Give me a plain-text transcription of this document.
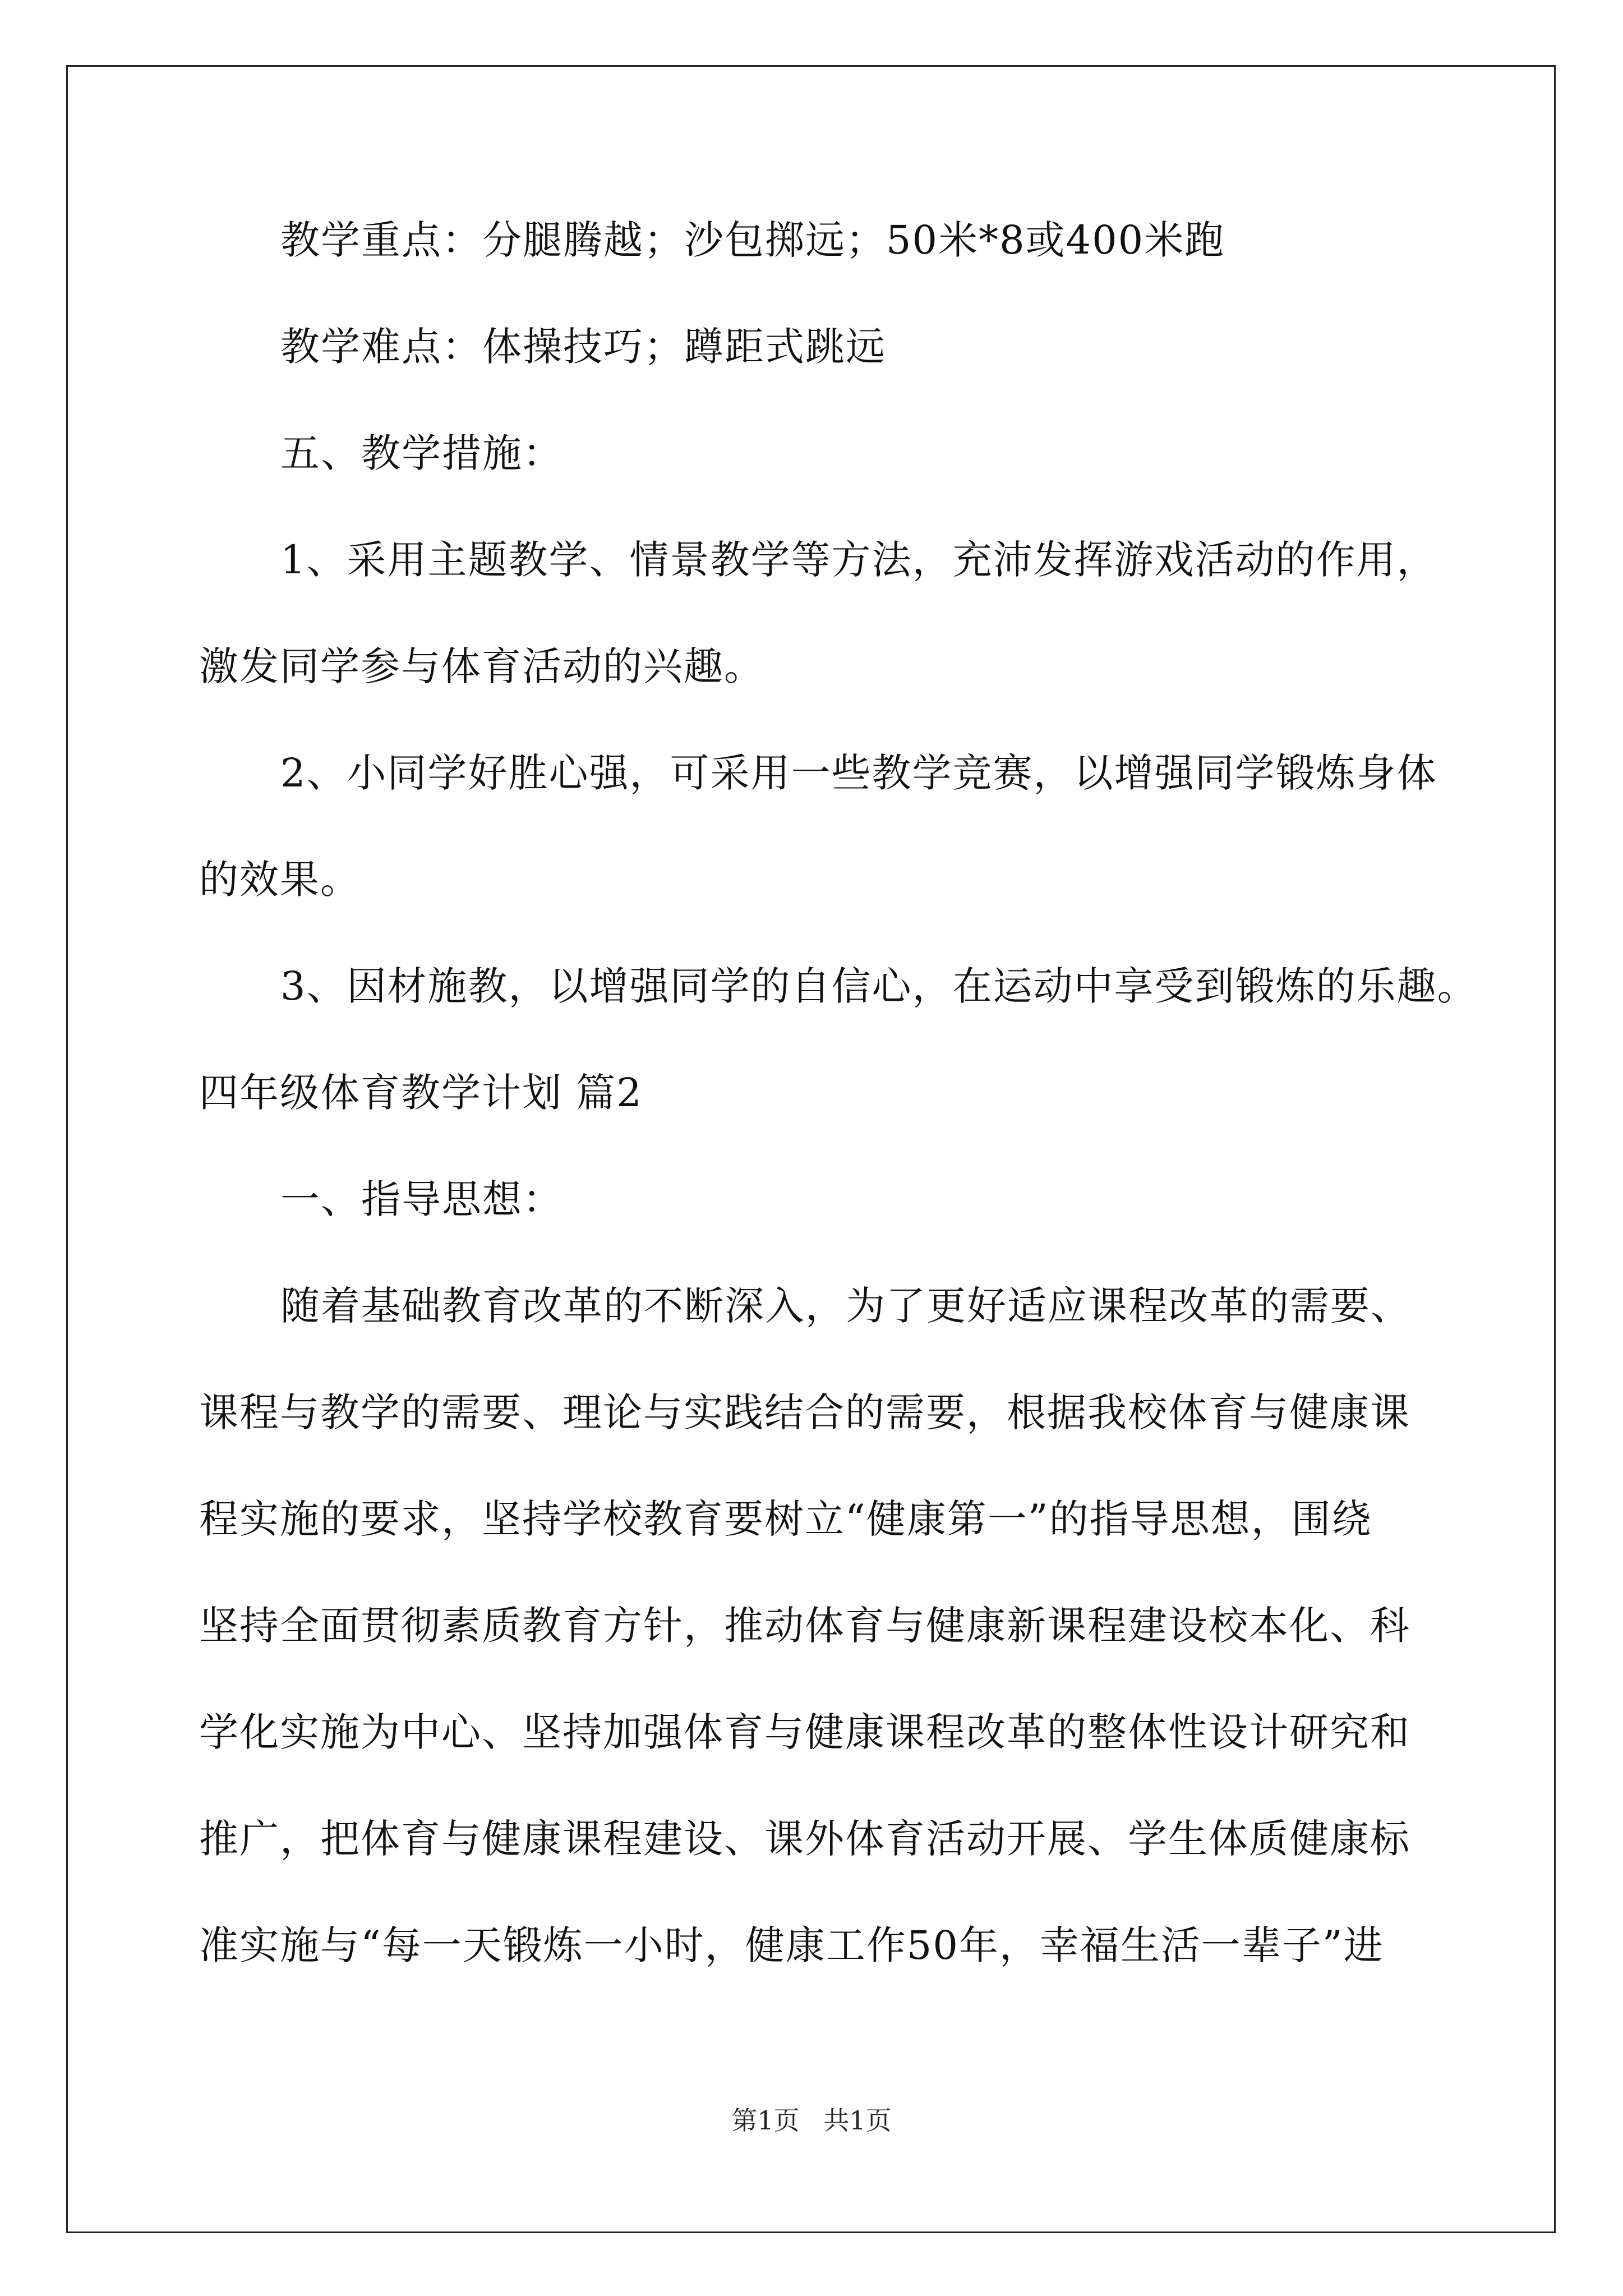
教学重点：分腿腾越；沙包掷远；50米*8或400米跑

教学难点：体操技巧；蹲距式跳远

五、教学措施：

1、采用主题教学、情景教学等方法，充沛发挥游戏活动的作用，

激发同学参与体育活动的兴趣。

2、小同学好胜心强，可采用一些教学竞赛，以增强同学锻炼身体

的效果。

3、因材施教，以增强同学的自信心，在运动中享受到锻炼的乐趣。

四年级体育教学计划 篇2

一、指导思想：

随着基础教育改革的不断深入，为了更好适应课程改革的需要、

课程与教学的需要、理论与实践结合的需要，根据我校体育与健康课

程实施的要求，坚持学校教育要树立“健康第一”的指导思想，围绕

坚持全面贯彻素质教育方针，推动体育与健康新课程建设校本化、科

学化实施为中心、坚持加强体育与健康课程改革的整体性设计研究和

推广，把体育与健康课程建设、课外体育活动开展、学生体质健康标

准实施与“每一天锻炼一小时，健康工作50年，幸福生活一辈子”进

第1页 共1页
